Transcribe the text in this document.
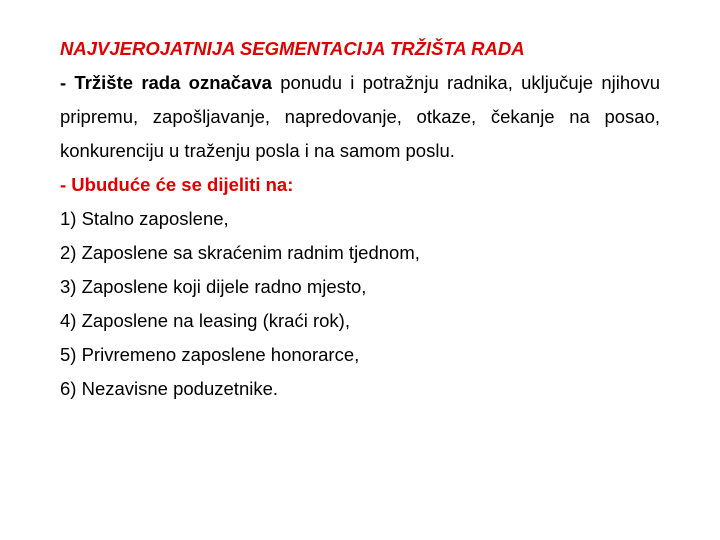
NAJVJEROJATNIJA SEGMENTACIJA TRŽIŠTA RADA

- Tržište rada označava ponudu i potražnju radnika, uključuje njihovu pripremu, zapošljavanje, napredovanje, otkaze, čekanje na posao, konkurenciju u traženju posla i na samom poslu.

- Ubuduće će se dijeliti na:

1) Stalno zaposlene,
2) Zaposlene sa skraćenim radnim tjednom,
3) Zaposlene koji dijele radno mjesto,
4) Zaposlene na leasing (kraći rok),
5) Privremeno zaposlene honorarce,
6) Nezavisne poduzetnike.
